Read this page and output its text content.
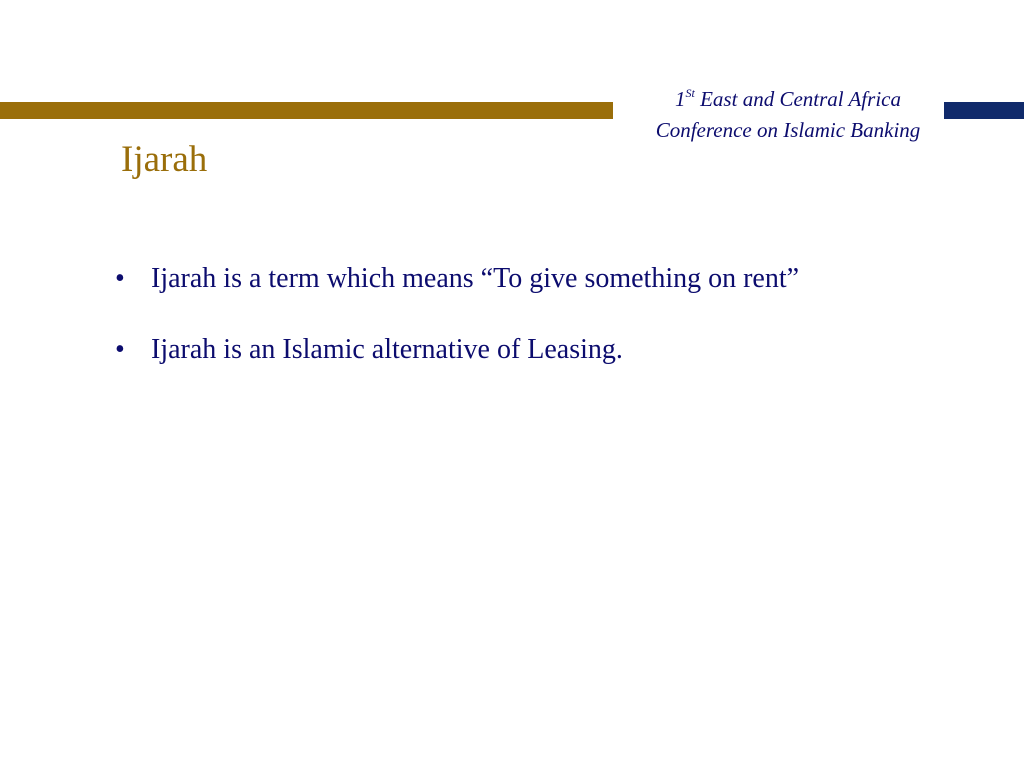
1St East and Central Africa
Conference on Islamic Banking
Ijarah
• Ijarah is a term which means “To give something on rent”
• Ijarah is an Islamic alternative of Leasing.
